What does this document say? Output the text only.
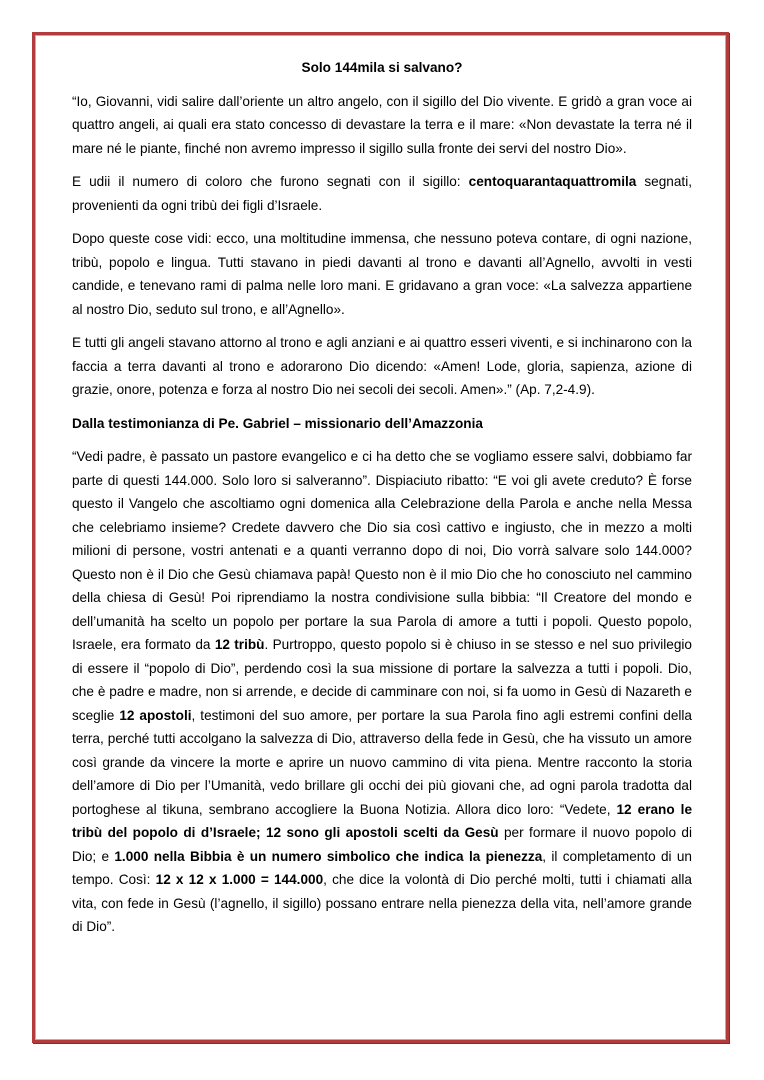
Solo 144mila si salvano?

“Io, Giovanni, vidi salire dall’oriente un altro angelo, con il sigillo del Dio vivente. E gridò a gran voce ai quattro angeli, ai quali era stato concesso di devastare la terra e il mare: «Non devastate la terra né il mare né le piante, finché non avremo impresso il sigillo sulla fronte dei servi del nostro Dio».

E udii il numero di coloro che furono segnati con il sigillo: centoquarantaquattromila segnati, provenienti da ogni tribù dei figli d’Israele.

Dopo queste cose vidi: ecco, una moltitudine immensa, che nessuno poteva contare, di ogni nazione, tribù, popolo e lingua. Tutti stavano in piedi davanti al trono e davanti all’Agnello, avvolti in vesti candide, e tenevano rami di palma nelle loro mani. E gridavano a gran voce: «La salvezza appartiene al nostro Dio, seduto sul trono, e all’Agnello».

E tutti gli angeli stavano attorno al trono e agli anziani e ai quattro esseri viventi, e si inchinarono con la faccia a terra davanti al trono e adorarono Dio dicendo: «Amen! Lode, gloria, sapienza, azione di grazie, onore, potenza e forza al nostro Dio nei secoli dei secoli. Amen».” (Ap. 7,2-4.9).

Dalla testimonianza di Pe. Gabriel – missionario dell’Amazzonia

“Vedi padre, è passato un pastore evangelico e ci ha detto che se vogliamo essere salvi, dobbiamo far parte di questi 144.000. Solo loro si salveranno”. Dispiaciuto ribatto: “E voi gli avete creduto? È forse questo il Vangelo che ascoltiamo ogni domenica alla Celebrazione della Parola e anche nella Messa che celebriamo insieme? Credete davvero che Dio sia così cattivo e ingiusto, che in mezzo a molti milioni di persone, vostri antenati e a quanti verranno dopo di noi, Dio vorrà salvare solo 144.000? Questo non è il Dio che Gesù chiamava papà! Questo non è il mio Dio che ho conosciuto nel cammino della chiesa di Gesù! Poi riprendiamo la nostra condivisione sulla bibbia: “Il Creatore del mondo e dell’umanità ha scelto un popolo per portare la sua Parola di amore a tutti i popoli. Questo popolo, Israele, era formato da 12 tribù. Purtroppo, questo popolo si è chiuso in se stesso e nel suo privilegio di essere il “popolo di Dio”, perdendo così la sua missione di portare la salvezza a tutti i popoli. Dio, che è padre e madre, non si arrende, e decide di camminare con noi, si fa uomo in Gesù di Nazareth e sceglie 12 apostoli, testimoni del suo amore, per portare la sua Parola fino agli estremi confini della terra, perché tutti accolgano la salvezza di Dio, attraverso della fede in Gesù, che ha vissuto un amore così grande da vincere la morte e aprire un nuovo cammino di vita piena. Mentre racconto la storia dell’amore di Dio per l’Umanità, vedo brillare gli occhi dei più giovani che, ad ogni parola tradotta dal portoghese al tikuna, sembrano accogliere la Buona Notizia. Allora dico loro: “Vedete, 12 erano le tribù del popolo di d’Israele; 12 sono gli apostoli scelti da Gesù per formare il nuovo popolo di Dio; e 1.000 nella Bibbia è un numero simbolico che indica la pienezza, il completamento di un tempo. Così: 12 x 12 x 1.000 = 144.000, che dice la volontà di Dio perché molti, tutti i chiamati alla vita, con fede in Gesù (l’agnello, il sigillo) possano entrare nella pienezza della vita, nell’amore grande di Dio”.
